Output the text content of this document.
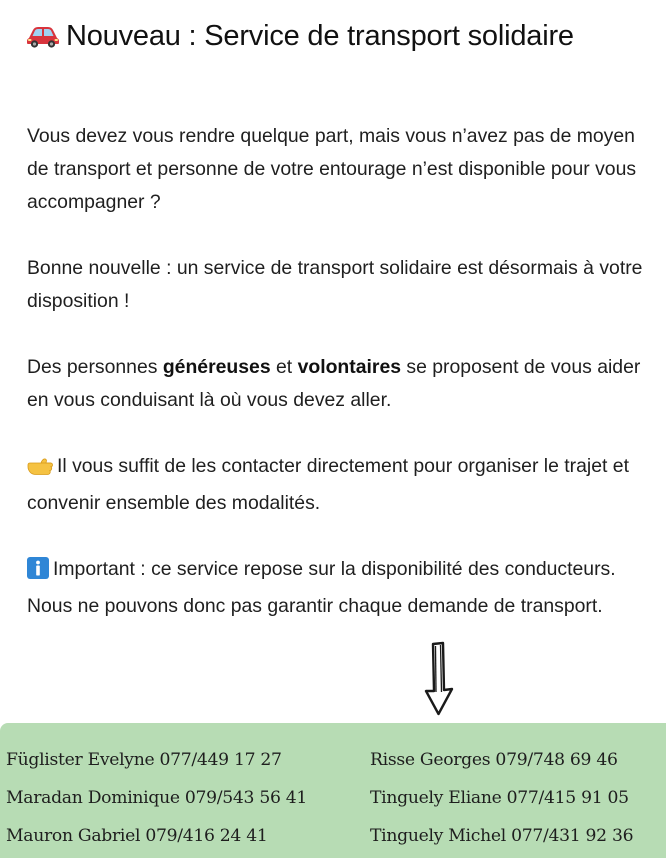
Nouveau : Service de transport solidaire

Vous devez vous rendre quelque part, mais vous n’avez pas de moyen de transport et personne de votre entourage n’est disponible pour vous accompagner ?

Bonne nouvelle : un service de transport solidaire est désormais à votre disposition !

Des personnes généreuses et volontaires se proposent de vous aider en vous conduisant là où vous devez aller.

Il vous suffit de les contacter directement pour organiser le trajet et convenir ensemble des modalités.

Important : ce service repose sur la disponibilité des conducteurs. Nous ne pouvons donc pas garantir chaque demande de transport.

Füglister Evelyne 077/449 17 27
Maradan Dominique 079/543 56 41
Mauron Gabriel 079/416 24 41
Risse Georges 079/748 69 46
Tinguely Eliane 077/415 91 05
Tinguely Michel 077/431 92 36
